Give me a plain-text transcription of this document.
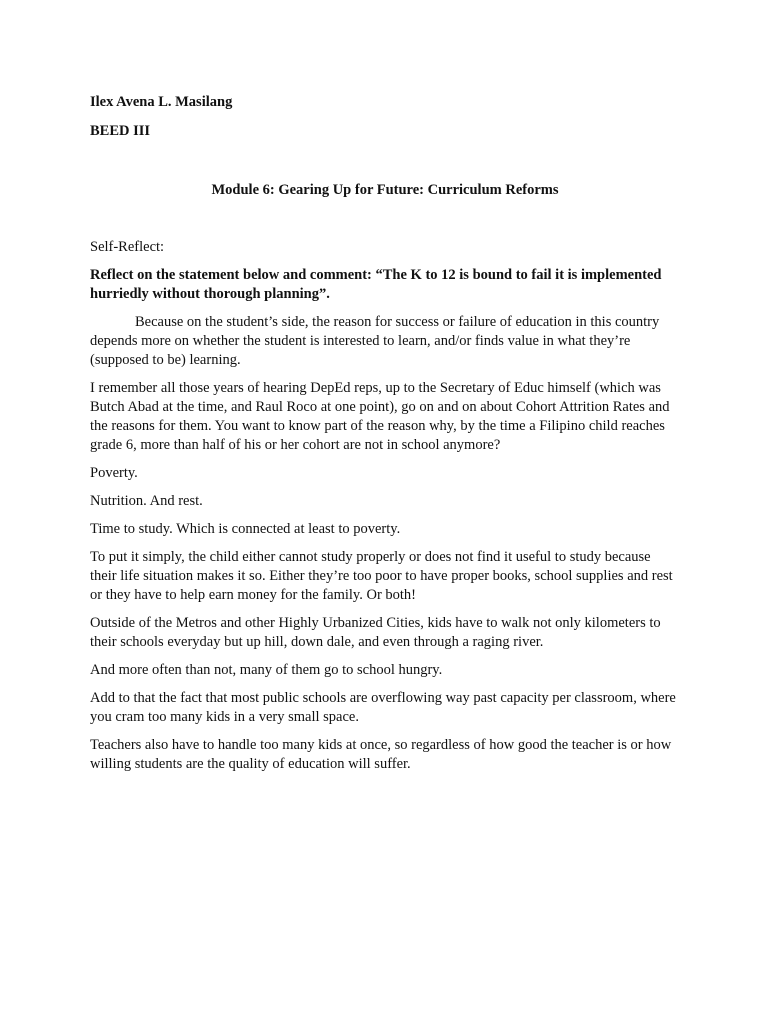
Ilex Avena L. Masilang

BEED III

Module 6: Gearing Up for Future: Curriculum Reforms

Self-Reflect:

Reflect on the statement below and comment: “The K to 12 is bound to fail it is implemented hurriedly without thorough planning”.

Because on the student’s side, the reason for success or failure of education in this country depends more on whether the student is interested to learn, and/or finds value in what they’re (supposed to be) learning.

I remember all those years of hearing DepEd reps, up to the Secretary of Educ himself (which was Butch Abad at the time, and Raul Roco at one point), go on and on about Cohort Attrition Rates and the reasons for them. You want to know part of the reason why, by the time a Filipino child reaches grade 6, more than half of his or her cohort are not in school anymore?

Poverty.

Nutrition. And rest.

Time to study. Which is connected at least to poverty.

To put it simply, the child either cannot study properly or does not find it useful to study because their life situation makes it so. Either they’re too poor to have proper books, school supplies and rest or they have to help earn money for the family. Or both!

Outside of the Metros and other Highly Urbanized Cities, kids have to walk not only kilometers to their schools everyday but up hill, down dale, and even through a raging river.

And more often than not, many of them go to school hungry.

Add to that the fact that most public schools are overflowing way past capacity per classroom, where you cram too many kids in a very small space.

Teachers also have to handle too many kids at once, so regardless of how good the teacher is or how willing students are the quality of education will suffer.
